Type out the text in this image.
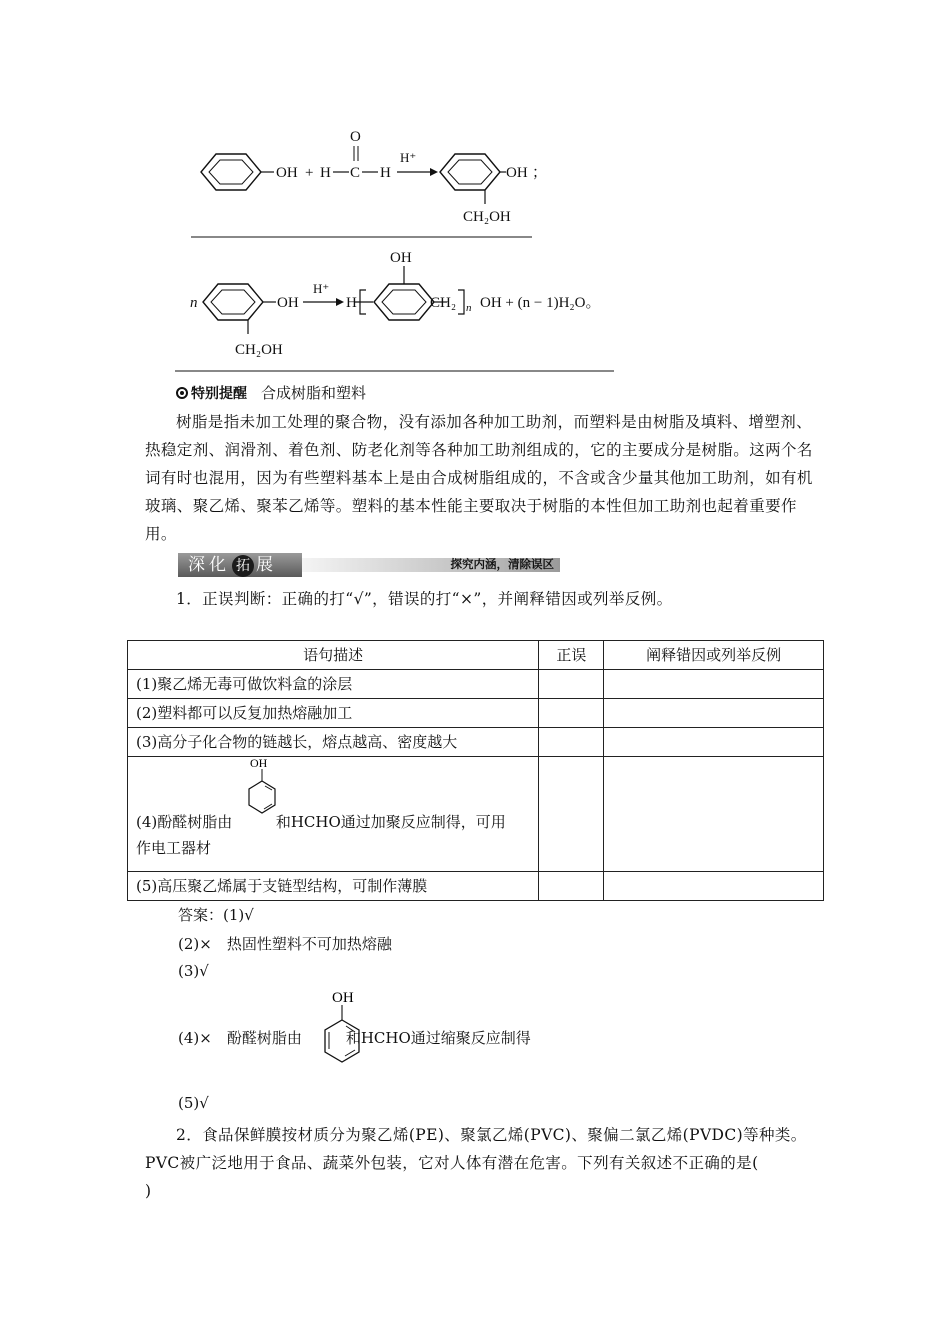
OH + H C
O
H
H⁺
OH ；
CH₂OH
n	OH
H⁺
H
OH
CH₂ n OH + (n − 1)H₂O。
CH₂OH
特别提醒 合成树脂和塑料
树脂是指未加工处理的聚合物，没有添加各种加工助剂，而塑料是由树脂及填料、增塑剂、热稳定剂、润滑剂、着色剂、防老化剂等各种加工助剂组成的，它的主要成分是树脂。这两个名词有时也混用，因为有些塑料基本上是由合成树脂组成的，不含或含少量其他加工助剂，如有机玻璃、聚乙烯、聚苯乙烯等。塑料的基本性能主要取决于树脂的本性但加工助剂也起着重要作用。
深化 拓 展	探究内涵，清除误区
1．正误判断：正确的打“√”，错误的打“×”，并阐释错因或列举反例。
语句描述	正误	阐释错因或列举反例
(1)聚乙烯无毒可做饮料盒的涂层		
(2)塑料都可以反复加热熔融加工		
(3)高分子化合物的链越长，熔点越高、密度越大		

(4)酚醛树脂由 和HCHO通过加聚反应制得，可用
作电工器材
OH		

(5)高压聚乙烯属于支链型结构，可制作薄膜		
答案：(1)√
(2)×　热固性塑料不可加热熔融
(3)√
(4)×　酚醛树脂由	和HCHO通过缩聚反应制得
OH
(5)√
2．食品保鲜膜按材质分为聚乙烯(PE)、聚氯乙烯(PVC)、聚偏二氯乙烯(PVDC)等种类。
PVC被广泛地用于食品、蔬菜外包装，它对人体有潜在危害。下列有关叙述不正确的是(
)
